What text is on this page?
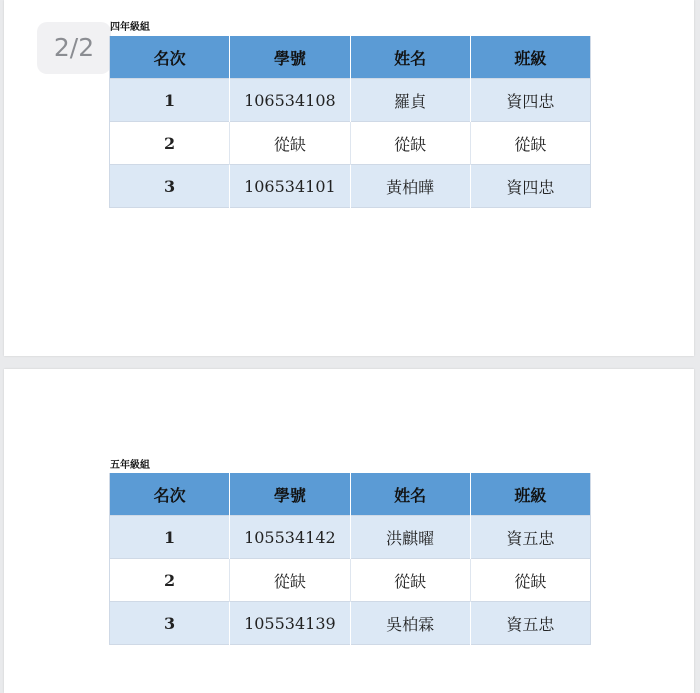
2/2

四年級組

名次	學號	姓名	班級
1	106534108	羅貞	資四忠
2	從缺	從缺	從缺
3	106534101	黃柏曄	資四忠

五年級組

名次	學號	姓名	班級
1	105534142	洪麒曜	資五忠
2	從缺	從缺	從缺
3	105534139	吳柏霖	資五忠
